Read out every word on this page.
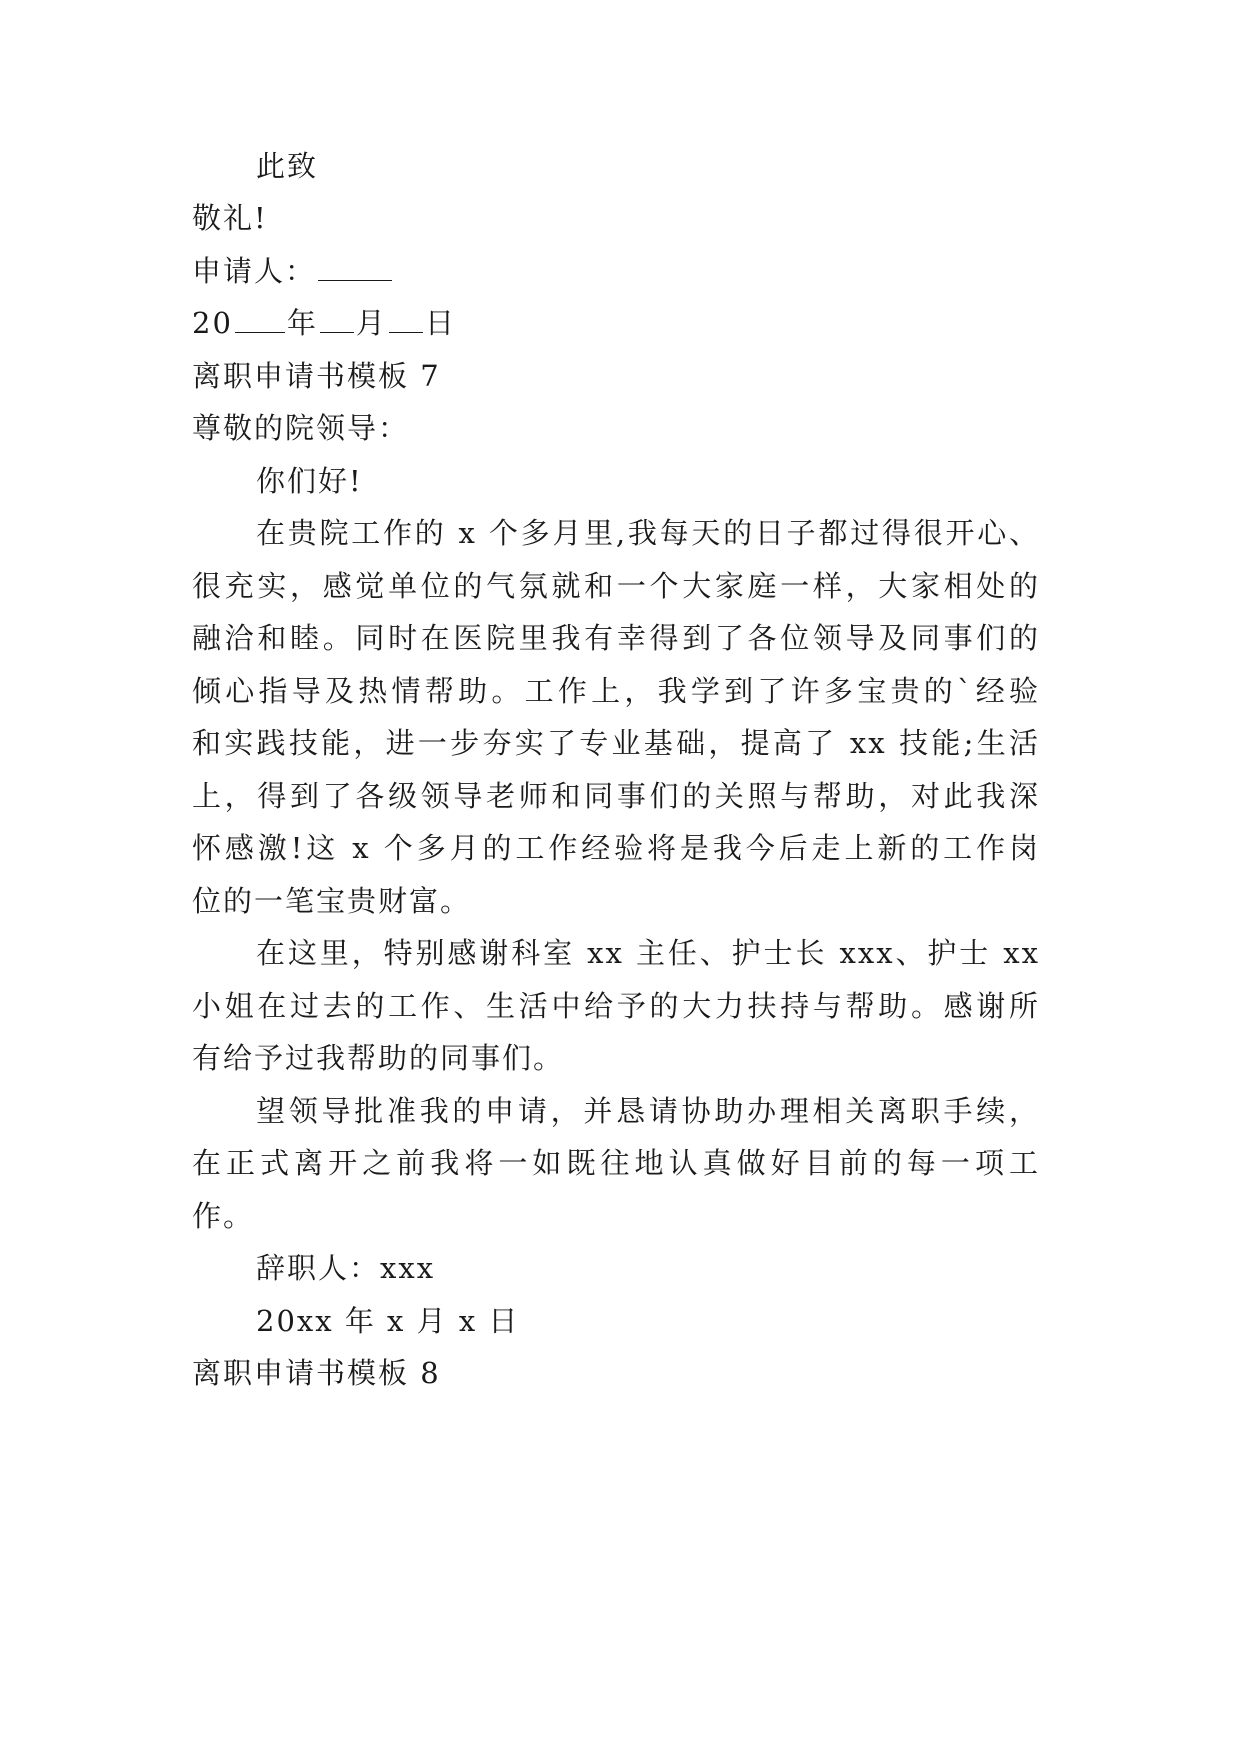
此致
敬礼!
申请人：
20 年 月 日
离职申请书模板 7
尊敬的院领导：
你们好!
在贵院工作的 x 个多月里,我每天的日子都过得很开心、
很充实，感觉单位的气氛就和一个大家庭一样，大家相处的
融洽和睦。同时在医院里我有幸得到了各位领导及同事们的
倾心指导及热情帮助。工作上，我学到了许多宝贵的`经验
和实践技能，进一步夯实了专业基础，提高了 xx 技能;生活
上，得到了各级领导老师和同事们的关照与帮助，对此我深
怀感激!这 x 个多月的工作经验将是我今后走上新的工作岗
位的一笔宝贵财富。
在这里，特别感谢科室 xx 主任、护士长 xxx、护士 xx
小姐在过去的工作、生活中给予的大力扶持与帮助。感谢所
有给予过我帮助的同事们。
望领导批准我的申请，并恳请协助办理相关离职手续，
在正式离开之前我将一如既往地认真做好目前的每一项工
作。
辞职人：xxx
20xx 年 x 月 x 日
离职申请书模板 8
